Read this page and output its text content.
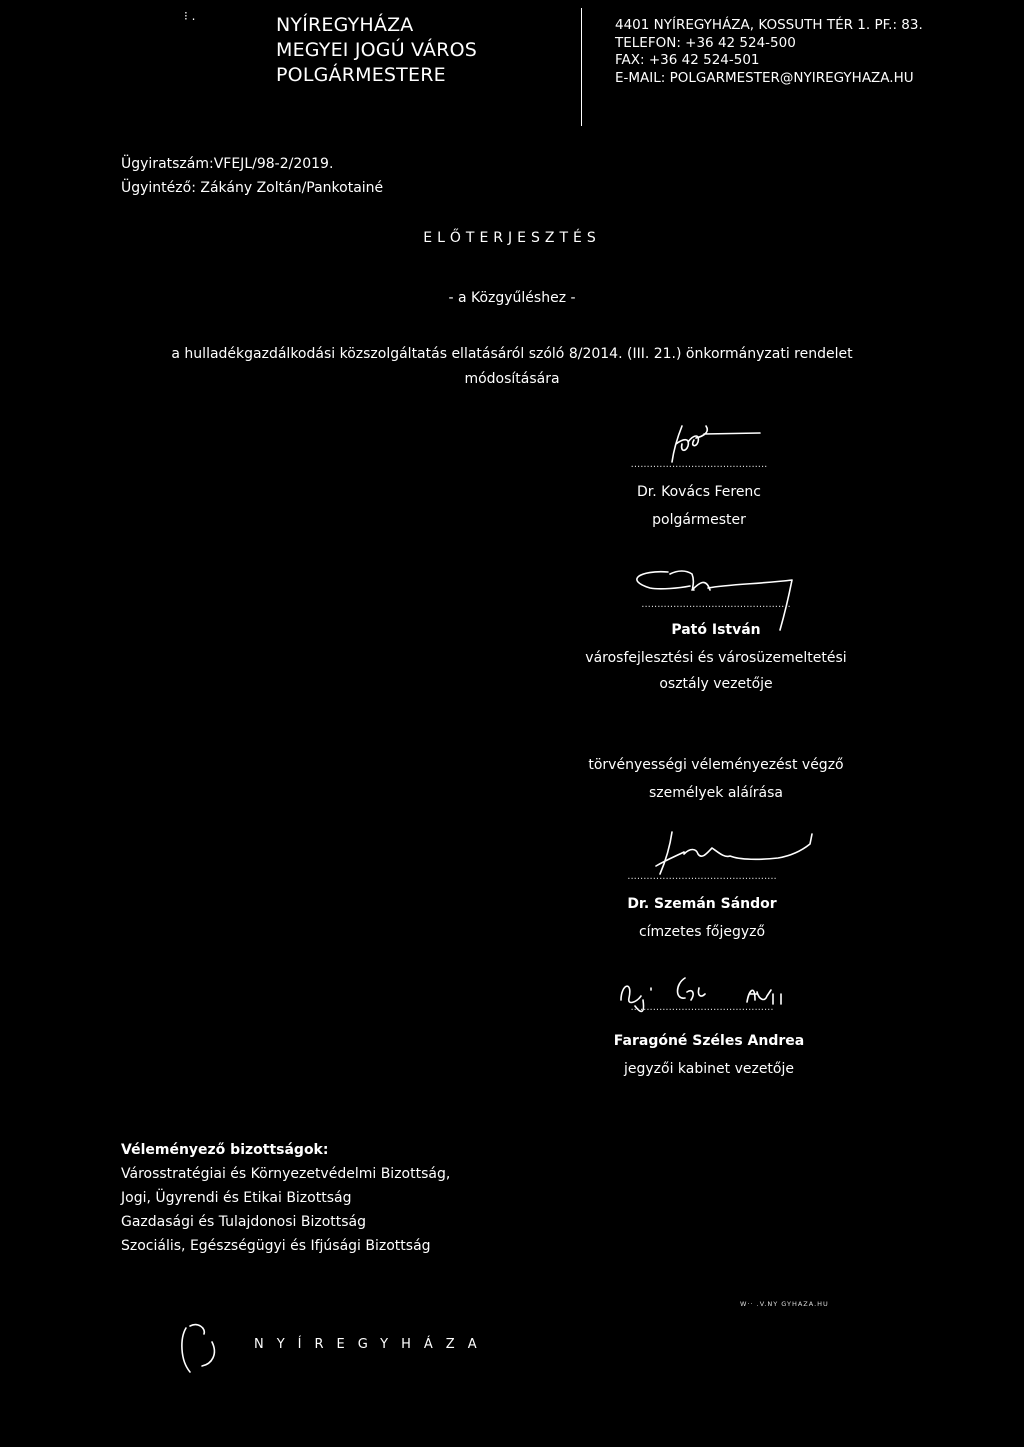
⁝ .	NYÍREGYHÁZA
MEGYEI JOGÚ VÁROS
POLGÁRMESTERE
4401 NYÍREGYHÁZA, KOSSUTH TÉR 1. PF.: 83.
TELEFON: +36 42 524-500
FAX: +36 42 524-501
E-MAIL: POLGARMESTER@NYIREGYHAZA.HU
Ügyiratszám:VFEJL/98-2/2019.
Ügyintéző: Zákány Zoltán/Pankotainé
ELŐTERJESZTÉS
- a Közgyűléshez -
a hulladékgazdálkodási közszolgáltatás ellatásáról szóló 8/2014. (III. 21.) önkormányzati rendelet
módosítására
...........................................
Dr. Kovács Ferenc
polgármester
...............................................
Pató István
városfejlesztési és városüzemeltetési
osztály vezetője
törvényességi véleményezést végző
személyek aláírása
...............................................
Dr. Szemán Sándor
címzetes főjegyző
.............................................
Faragóné Széles Andrea
jegyzői kabinet vezetője
Véleményező bizottságok:
Városstratégiai és Környezetvédelmi Bizottság,
Jogi, Ügyrendi és Etikai Bizottság
Gazdasági és Tulajdonosi Bizottság
Szociális, Egészségügyi és Ifjúsági Bizottság
W·· .V.NY GYHAZA.HU
NYÍREGYHÁZA
